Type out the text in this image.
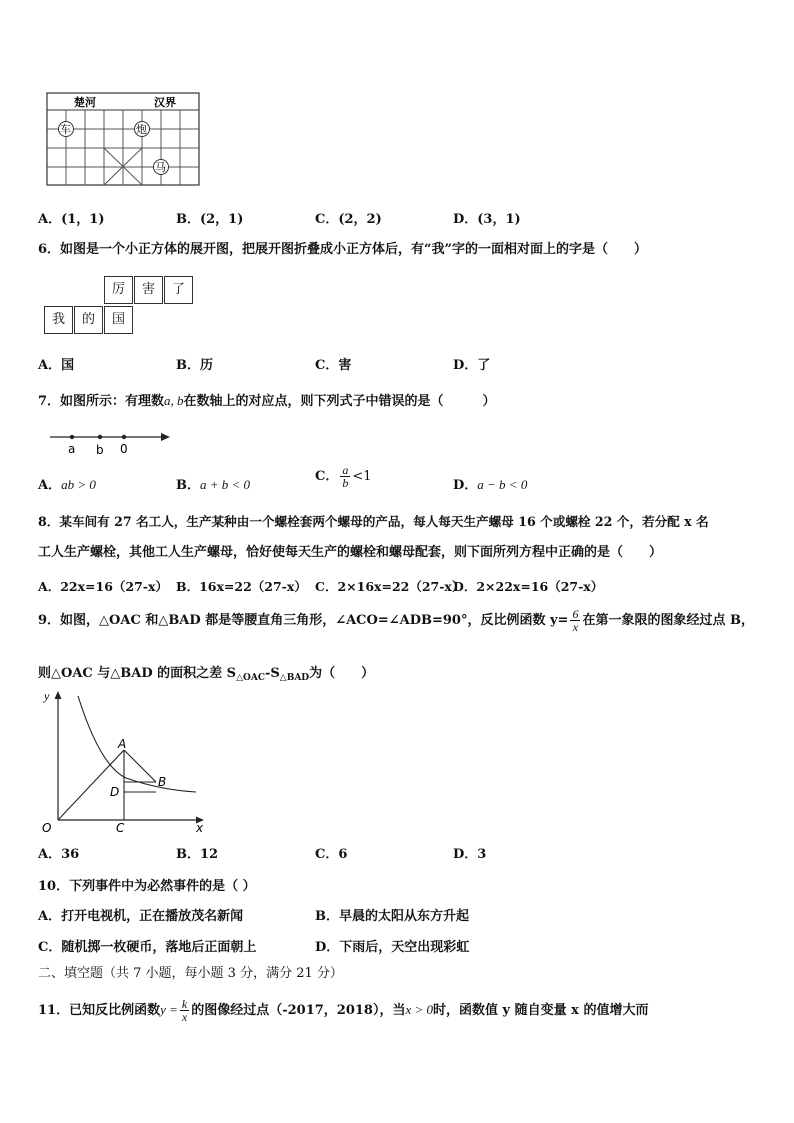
楚河	汉界
车	炮
马
A．(1，1)	B．(2，1)	C．(2，2)	D．(3，1)
6．如图是一个小正方体的展开图，把展开图折叠成小正方体后，有“我”字的一面相对面上的字是（　　）
厉	害	了
我	的	国
A．国	B．历	C．害	D．了
7．如图所示：有理数a, b在数轴上的对应点，则下列式子中错误的是（　　　）
a b 0
A．ab > 0	B．a + b < 0
C． $\frac{a}{b} <1$
D．a − b < 0
8．某车间有 27 名工人，生产某种由一个螺栓套两个螺母的产品，每人每天生产螺母 16 个或螺栓 22 个，若分配 x 名
工人生产螺栓，其他工人生产螺母，恰好使每天生产的螺栓和螺母配套，则下面所列方程中正确的是（　　）
A．22x=16（27-x） B．16x=22（27-x） C．2×16x=22（27-x）
D．2×22x=16（27-x）
9．如图，△OAC 和△BAD 都是等腰直角三角形，∠ACO=∠ADB=90°，反比例函数 $y= \frac{6}{x}$ 在第一象限的图象经过点 B，
则△OAC 与△BAD 的面积之差 $S_{\triangle OAC}-S_{\triangle BAD}$为（　　）
y
x
O
A
B
C
D
A．36	B．12	C．6	D．3
10．下列事件中为必然事件的是（ ）
A．打开电视机，正在播放茂名新闻	B．早晨的太阳从东方升起
C．随机掷一枚硬币，落地后正面朝上	D．下雨后，天空出现彩虹
二、填空题（共 7 小题，每小题 3 分，满分 21 分）
11．已知反比例函数$y = \frac{k}{x}$ 的图像经过点（-2017，2018），当x > 0时，函数值 y 随自变量 x 的值增大而
